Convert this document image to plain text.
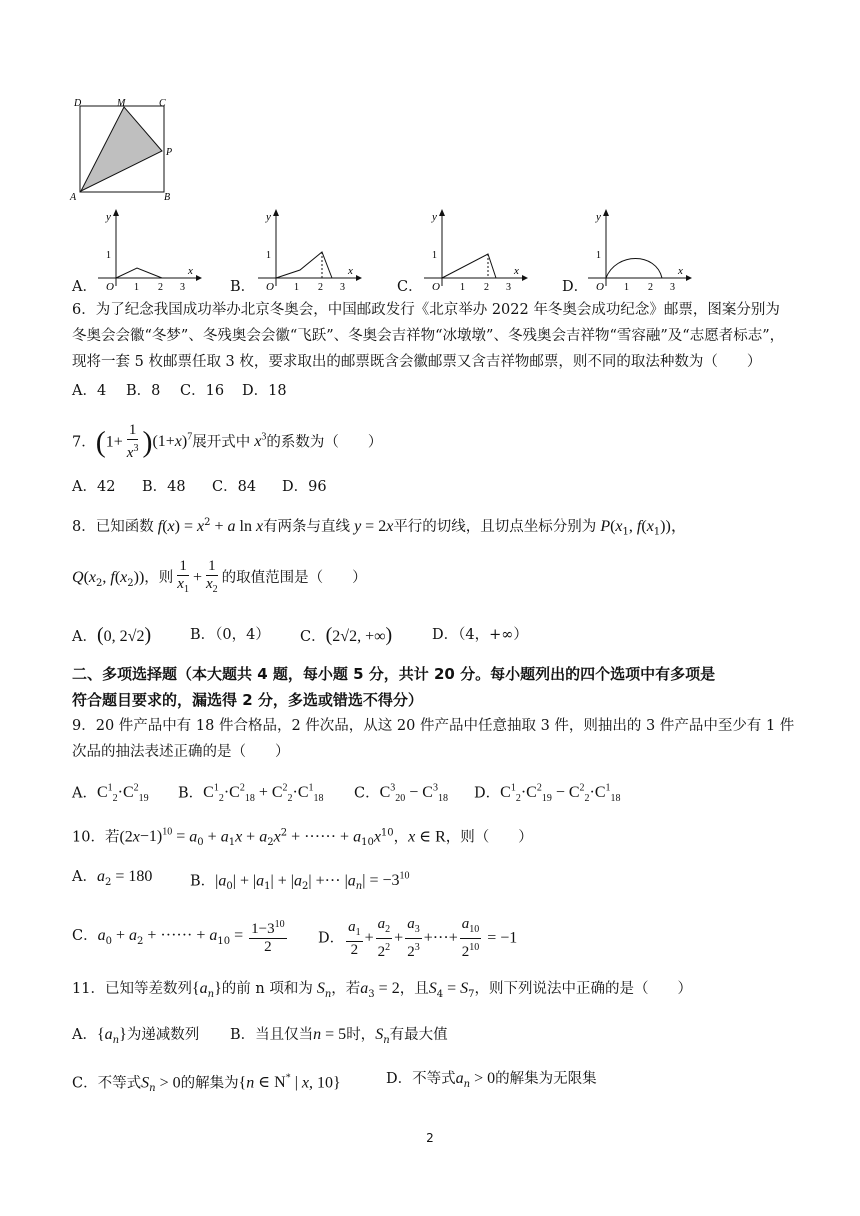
D	M	C
P
A	B
A．	B．	C．	D．
y
x
O
1
1 2 3
y
x
O
1
1 2 3
y
x
O
1
1 2 3
y
x
O
1
1 2 3
6．为了纪念我国成功举办北京冬奥会，中国邮政发行《北京举办 2022 年冬奥会成功纪念》邮票，图案分别为
冬奥会会徽“冬梦”、冬残奥会会徽“飞跃”、冬奥会吉祥物“冰墩墩”、冬残奥会吉祥物“雪容融”及“志愿者标志”，
现将一套 5 枚邮票任取 3 枚，要求取出的邮票既含会徽邮票又含吉祥物邮票，则不同的取法种数为（　　）
A．4 B．8 C．16 D．18
7．$(1+ \frac{1}{x^3} )(1+x)^7$展开式中 $x^3$的系数为（　　）
A．42 B．48 C．84 D．96
8．已知函数 $f(x) = x^2 + a$ ln x有两条与直线 y = 2x平行的切线，且切点坐标分别为 $P(x_1$, $f(x_1)$)，
$Q(x_2$, $f(x_2)$)，则 $\frac{1}{x_1} + \frac{1}{x_2}$ 的取值范围是（　　）
A．(0, 2√2)	B．（0，4） C．(2√2, +∞)	D．（4，+∞）
二、多项选择题（本大题共 4 题，每小题 5 分，共计 20 分。每小题列出的四个选项中有多项是
符合题目要求的，漏选得 2 分，多选或错选不得分）
9．20 件产品中有 18 件合格品，2 件次品，从这 20 件产品中任意抽取 3 件，则抽出的 3 件产品中至少有 1 件
次品的抽法表述正确的是（　　）
A．$C^1_2\cdot C^2_{19}$ B．$C^1_2\cdot C^2_{18} + C^2_2\cdot C^1_{18}$ C．$C^3_{20} - C^3_{18}$ D．$C^1_2\cdot C^2_{19} - C^2_2\cdot C^1_{18}$
10．若$(2x-1)^{10} = a_0 + a_1x + a_2x^2$ + ······ + $a_{10}x^{10}$，x ∈ R，则（　　）
A．$a_2 = 180$	B．$|a_0| + |a_1| + |a_2|$ +··· $|a_n| = -3^{10}$
C．$a_0 + a_2$ + ······ + $a_{10} = \frac{1-3^{10}}{2}$ D． $\frac{a_1}{2} + \frac{a_2}{2^2} + \frac{a_3}{2^3}$ +···+ $\frac{a_{10}}{2^{10}} = -1$
11．已知等差数列$\{a_n\}$的前 n 项和为 $S_n$，若$a_3 = 2$，且$S_4 = S_7$，则下列说法中正确的是（　　）
A．$\{a_n\}$为递减数列 B．当且仅当n = 5时，$S_n$有最大值
C．不等式$S_n > 0$的解集为{n ∈ N* | x, 10}	D．不等式$a_n > 0$的解集为无限集
2
